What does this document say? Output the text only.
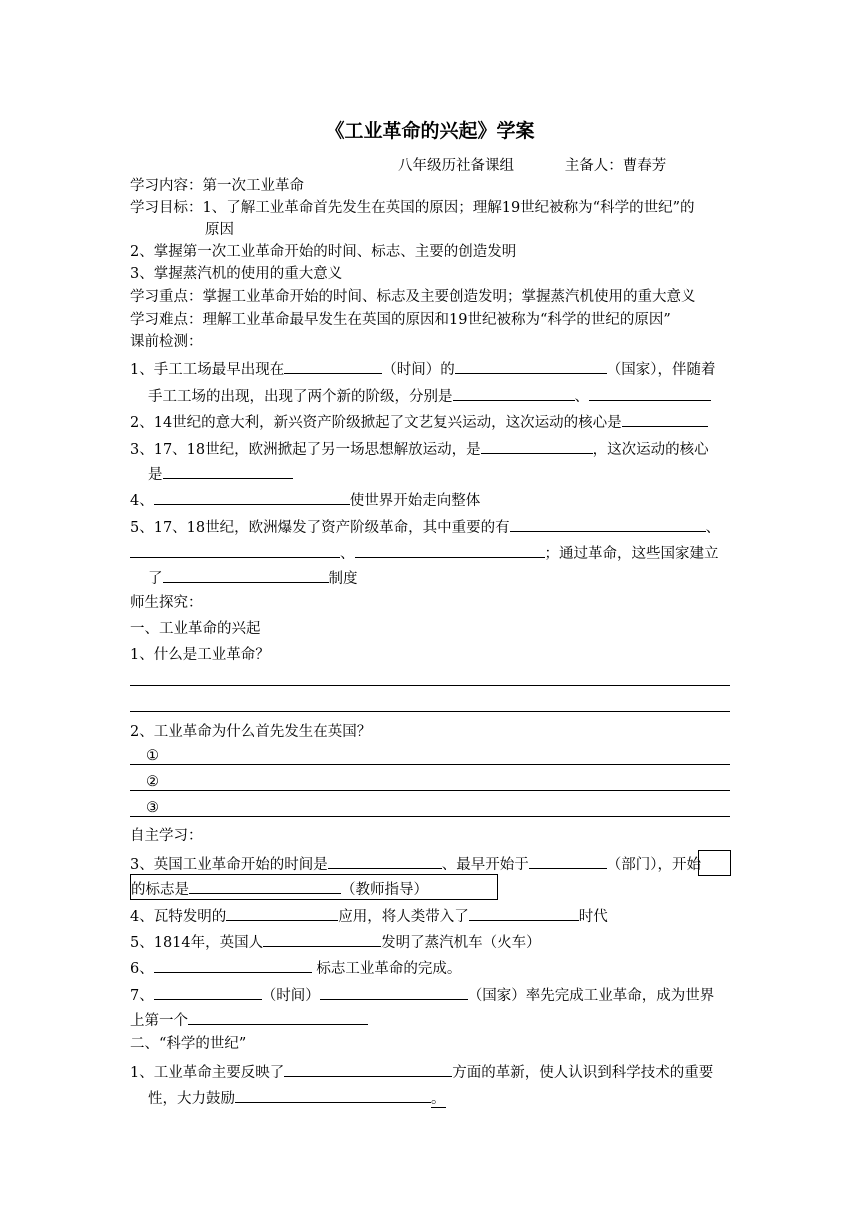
《工业革命的兴起》学案
八年级历社备课组	主备人：曹春芳
学习内容：第一次工业革命
学习目标：1、了解工业革命首先发生在英国的原因；理解19世纪被称为“科学的世纪”的
原因
2、掌握第一次工业革命开始的时间、标志、主要的创造发明
3、掌握蒸汽机的使用的重大意义
学习重点：掌握工业革命开始的时间、标志及主要创造发明；掌握蒸汽机使用的重大意义
学习难点：理解工业革命最早发生在英国的原因和19世纪被称为“科学的世纪的原因”
课前检测：
1、手工工场最早出现在	（时间）的	（国家），伴随着
手工工场的出现，出现了两个新的阶级，分别是	、
2、14世纪的意大利，新兴资产阶级掀起了文艺复兴运动，这次运动的核心是
3、17、18世纪，欧洲掀起了另一场思想解放运动，是	，这次运动的核心
是
4、	使世界开始走向整体
5、17、18世纪，欧洲爆发了资产阶级革命，其中重要的有	、
、	；通过革命，这些国家建立
了	制度
师生探究：
一、工业革命的兴起
1、什么是工业革命？
2、工业革命为什么首先发生在英国？
①
②
③
自主学习：
3、英国工业革命开始的时间是	、最早开始于	（部门），开始
的标志是	（教师指导）
4、瓦特发明的	应用，将人类带入了	时代
5、1814年，英国人	发明了蒸汽机车（火车）
6、	标志工业革命的完成。
7、	（时间）	（国家）率先完成工业革命，成为世界
上第一个
二、“科学的世纪”
1、工业革命主要反映了	方面的革新，使人认识到科学技术的重要
性，大力鼓励	。
